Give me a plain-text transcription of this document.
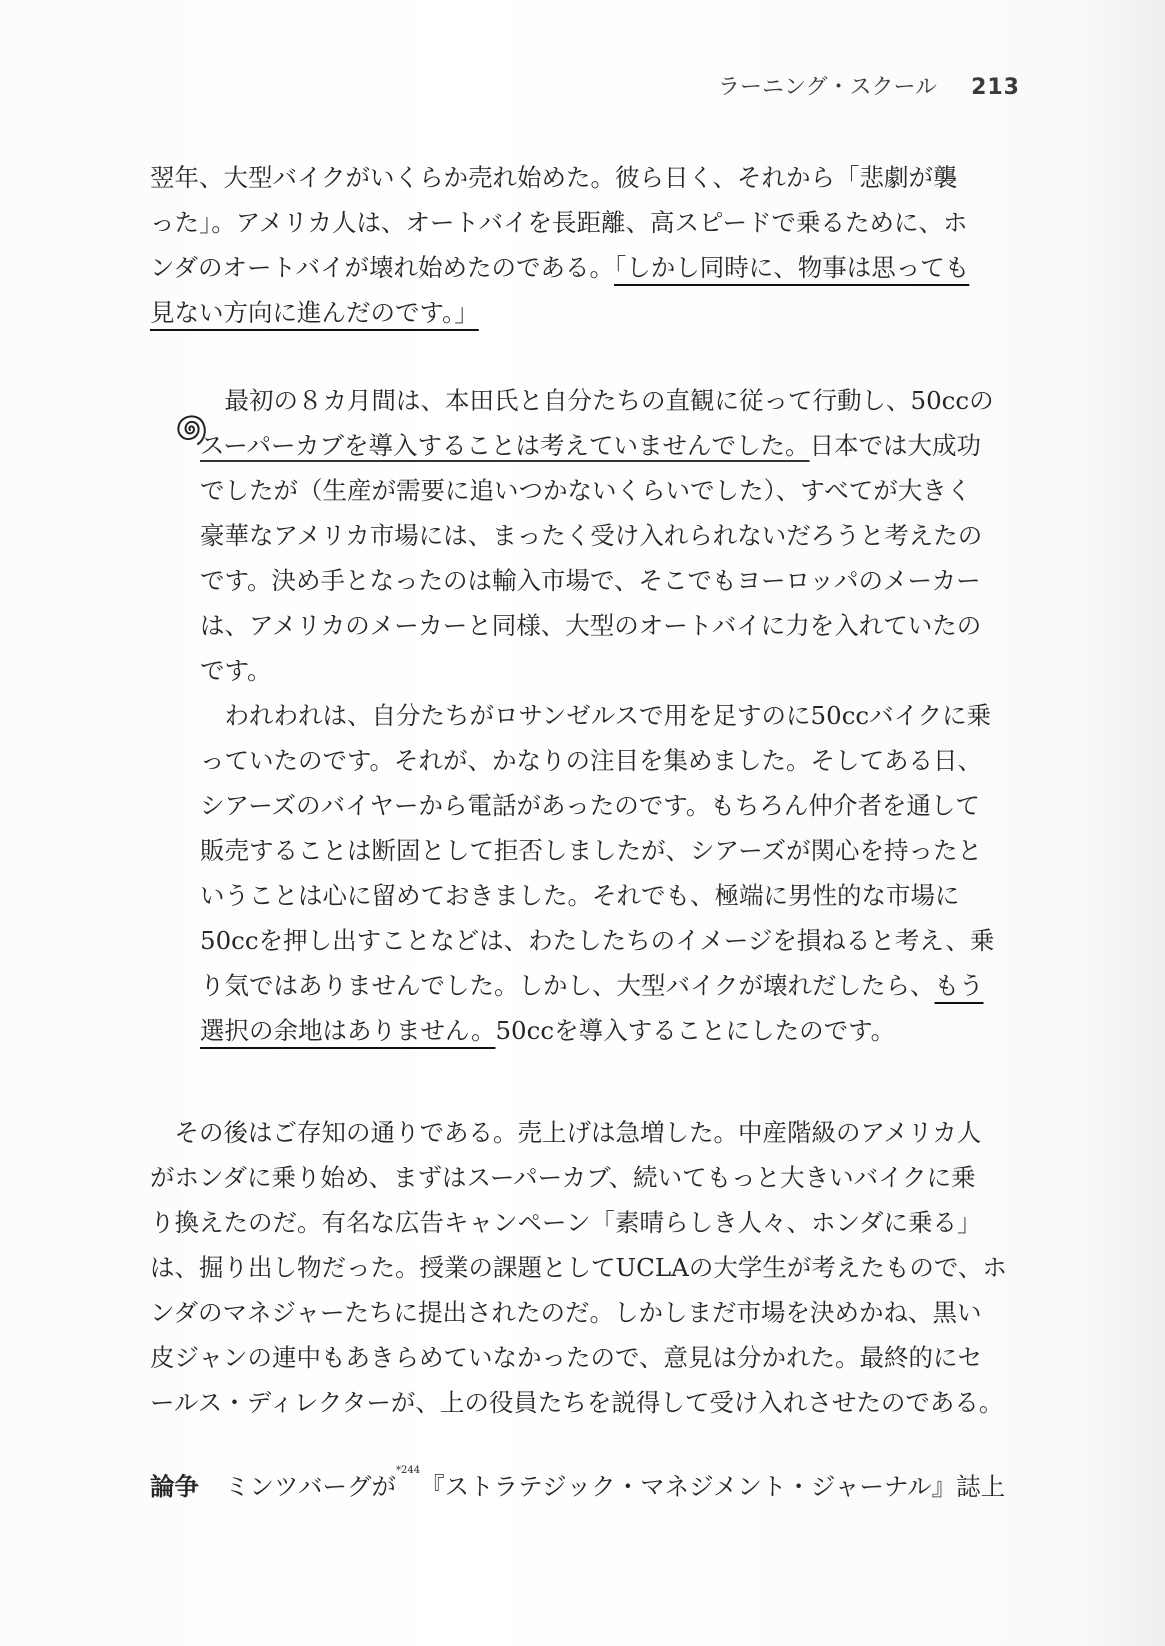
ラーニング・スクール 213
翌年、大型バイクがいくらか売れ始めた。彼ら日く、それから「悲劇が襲
った」。アメリカ人は、オートバイを長距離、高スピードで乗るために、ホ
ンダのオートバイが壊れ始めたのである。「しかし同時に、物事は思っても
見ない方向に進んだのです。」
　最初の８カ月間は、本田氏と自分たちの直観に従って行動し、50ccの
スーパーカブを導入することは考えていませんでした。日本では大成功
でしたが（生産が需要に追いつかないくらいでした）、すべてが大きく
豪華なアメリカ市場には、まったく受け入れられないだろうと考えたの
です。決め手となったのは輸入市場で、そこでもヨーロッパのメーカー
は、アメリカのメーカーと同様、大型のオートバイに力を入れていたの
です。
　われわれは、自分たちがロサンゼルスで用を足すのに50ccバイクに乗
っていたのです。それが、かなりの注目を集めました。そしてある日、
シアーズのバイヤーから電話があったのです。もちろん仲介者を通して
販売することは断固として拒否しましたが、シアーズが関心を持ったと
いうことは心に留めておきました。それでも、極端に男性的な市場に
50ccを押し出すことなどは、わたしたちのイメージを損ねると考え、乗
り気ではありませんでした。しかし、大型バイクが壊れだしたら、もう
選択の余地はありません。50ccを導入することにしたのです。
　その後はご存知の通りである。売上げは急増した。中産階級のアメリカ人
がホンダに乗り始め、まずはスーパーカブ、続いてもっと大きいバイクに乗
り換えたのだ。有名な広告キャンペーン「素晴らしき人々、ホンダに乗る」
は、掘り出し物だった。授業の課題としてUCLAの大学生が考えたもので、ホ
ンダのマネジャーたちに提出されたのだ。しかしまだ市場を決めかね、黒い
皮ジャンの連中もあきらめていなかったので、意見は分かれた。最終的にセ
ールス・ディレクターが、上の役員たちを説得して受け入れさせたのである。
論争 ミンツバーグが$^{*244}$『ストラテジック・マネジメント・ジャーナル』誌上
